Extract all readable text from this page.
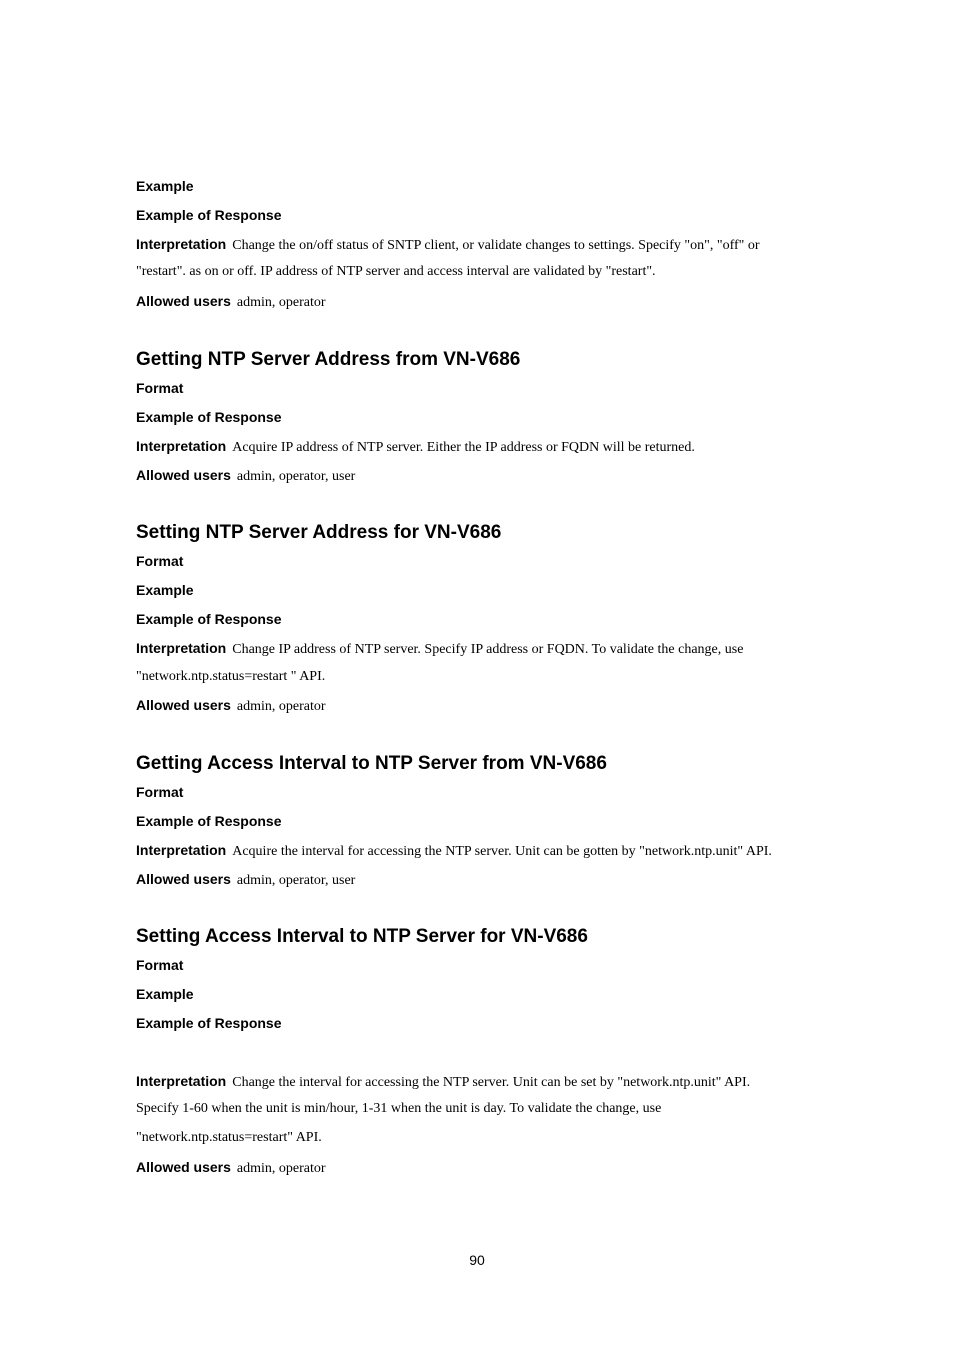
Example
Example of Response
Interpretation Change the on/off status of SNTP client, or validate changes to settings. Specify "on", "off" or
"restart". as on or off. IP address of NTP server and access interval are validated by "restart".
Allowed users admin, operator
Getting NTP Server Address from VN-V686
Format
Example of Response
Interpretation Acquire IP address of NTP server. Either the IP address or FQDN will be returned.
Allowed users admin, operator, user
Setting NTP Server Address for VN-V686
Format
Example
Example of Response
Interpretation Change IP address of NTP server. Specify IP address or FQDN. To validate the change, use
"network.ntp.status=restart " API.
Allowed users admin, operator
Getting Access Interval to NTP Server from VN-V686
Format
Example of Response
Interpretation Acquire the interval for accessing the NTP server. Unit can be gotten by "network.ntp.unit" API.
Allowed users admin, operator, user
Setting Access Interval to NTP Server for VN-V686
Format
Example
Example of Response
Interpretation Change the interval for accessing the NTP server. Unit can be set by "network.ntp.unit" API.
Specify 1-60 when the unit is min/hour, 1-31 when the unit is day. To validate the change, use
"network.ntp.status=restart" API.
Allowed users admin, operator
90
